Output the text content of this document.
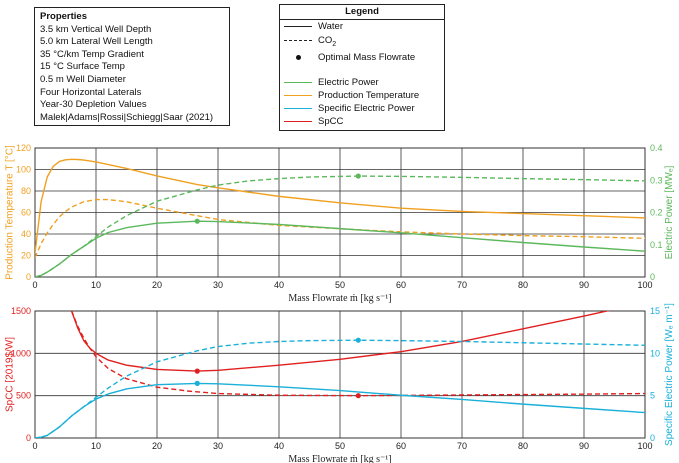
0	10	20	30	40	50	60	70	80	90	100
0
20
40
60
80
100
120
0
0.1
0.2
0.3
0.4
Mass Flowrate ṁ [kg s⁻¹]
Production Temperature T [°C]	Electric Power [MWₑ]
0	10	20	30	40	50	60	70	80	90	100
0
500
1000
1500
0
5
10
15
Mass Flowrate ṁ [kg s⁻¹]
SpCC [2019$/W]	Specific Electric Power [Wₑ m⁻¹]
Properties
3.5 km Vertical Well Depth
5.0 km Lateral Well Length
35 °C/km Temp Gradient
15 °C Surface Temp
0.5 m Well Diameter
Four Horizontal Laterals
Year-30 Depletion Values
Malek|Adams|Rossi|Schiegg|Saar (2021)
Legend
Water
$CO_2$
Optimal Mass Flowrate
Electric Power
Production Temperature
Specific Electric Power
SpCC
